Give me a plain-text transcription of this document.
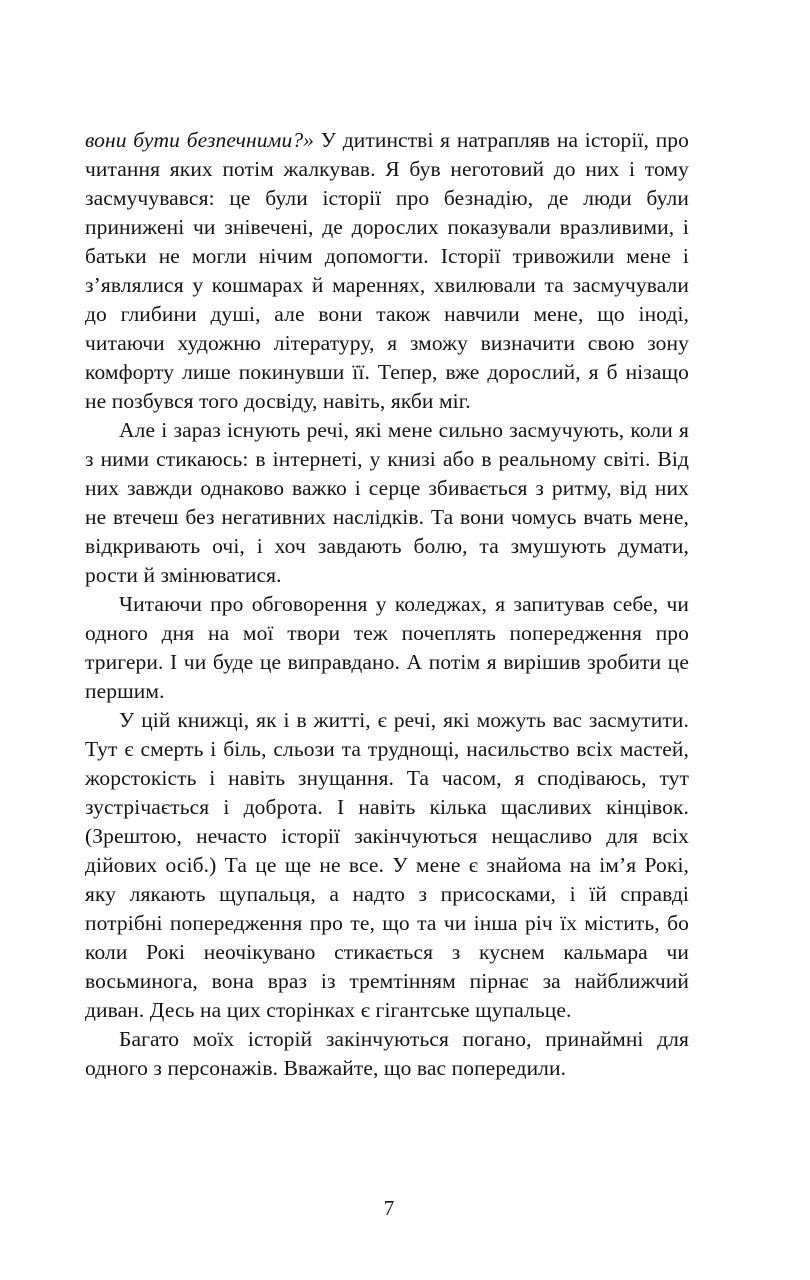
вони бути безпечними?» У дитинстві я натрапляв на історії, про читання яких потім жалкував. Я був неготовий до них і тому засмучувався: це були історії про безнадію, де люди були принижені чи знівечені, де дорослих показували вразливими, і батьки не могли нічим допомогти. Історії тривожили мене і з’являлися у кошмарах й мареннях, хвилювали та засмучували до глибини душі, але вони також навчили мене, що іноді, читаючи художню літературу, я зможу визначити свою зону комфорту лише покинувши її. Тепер, вже дорослий, я б нізащо не позбувся того досвіду, навіть, якби міг.

Але і зараз існують речі, які мене сильно засмучують, коли я з ними стикаюсь: в інтернеті, у книзі або в реальному світі. Від них завжди однаково важко і серце збивається з ритму, від них не втечеш без негативних наслідків. Та вони чомусь вчать мене, відкривають очі, і хоч завдають болю, та змушують думати, рости й змінюватися.

Читаючи про обговорення у коледжах, я запитував себе, чи одного дня на мої твори теж почеплять попередження про тригери. І чи буде це виправдано. А потім я вирішив зробити це першим.

У цій книжці, як і в житті, є речі, які можуть вас засмутити. Тут є смерть і біль, сльози та труднощі, насильство всіх мастей, жорстокість і навіть знущання. Та часом, я сподіваюсь, тут зустрічається і доброта. І навіть кілька щасливих кінцівок. (Зрештою, нечасто історії закінчуються нещасливо для всіх дійових осіб.) Та це ще не все. У мене є знайома на ім’я Рокі, яку лякають щупальця, а надто з присосками, і їй справді потрібні попередження про те, що та чи інша річ їх містить, бо коли Рокі неочікувано стикається з куснем кальмара чи восьминога, вона враз із тремтінням пірнає за найближчий диван. Десь на цих сторінках є гігантське щупальце.

Багато моїх історій закінчуються погано, принаймні для одного з персонажів. Вважайте, що вас попередили.

7
